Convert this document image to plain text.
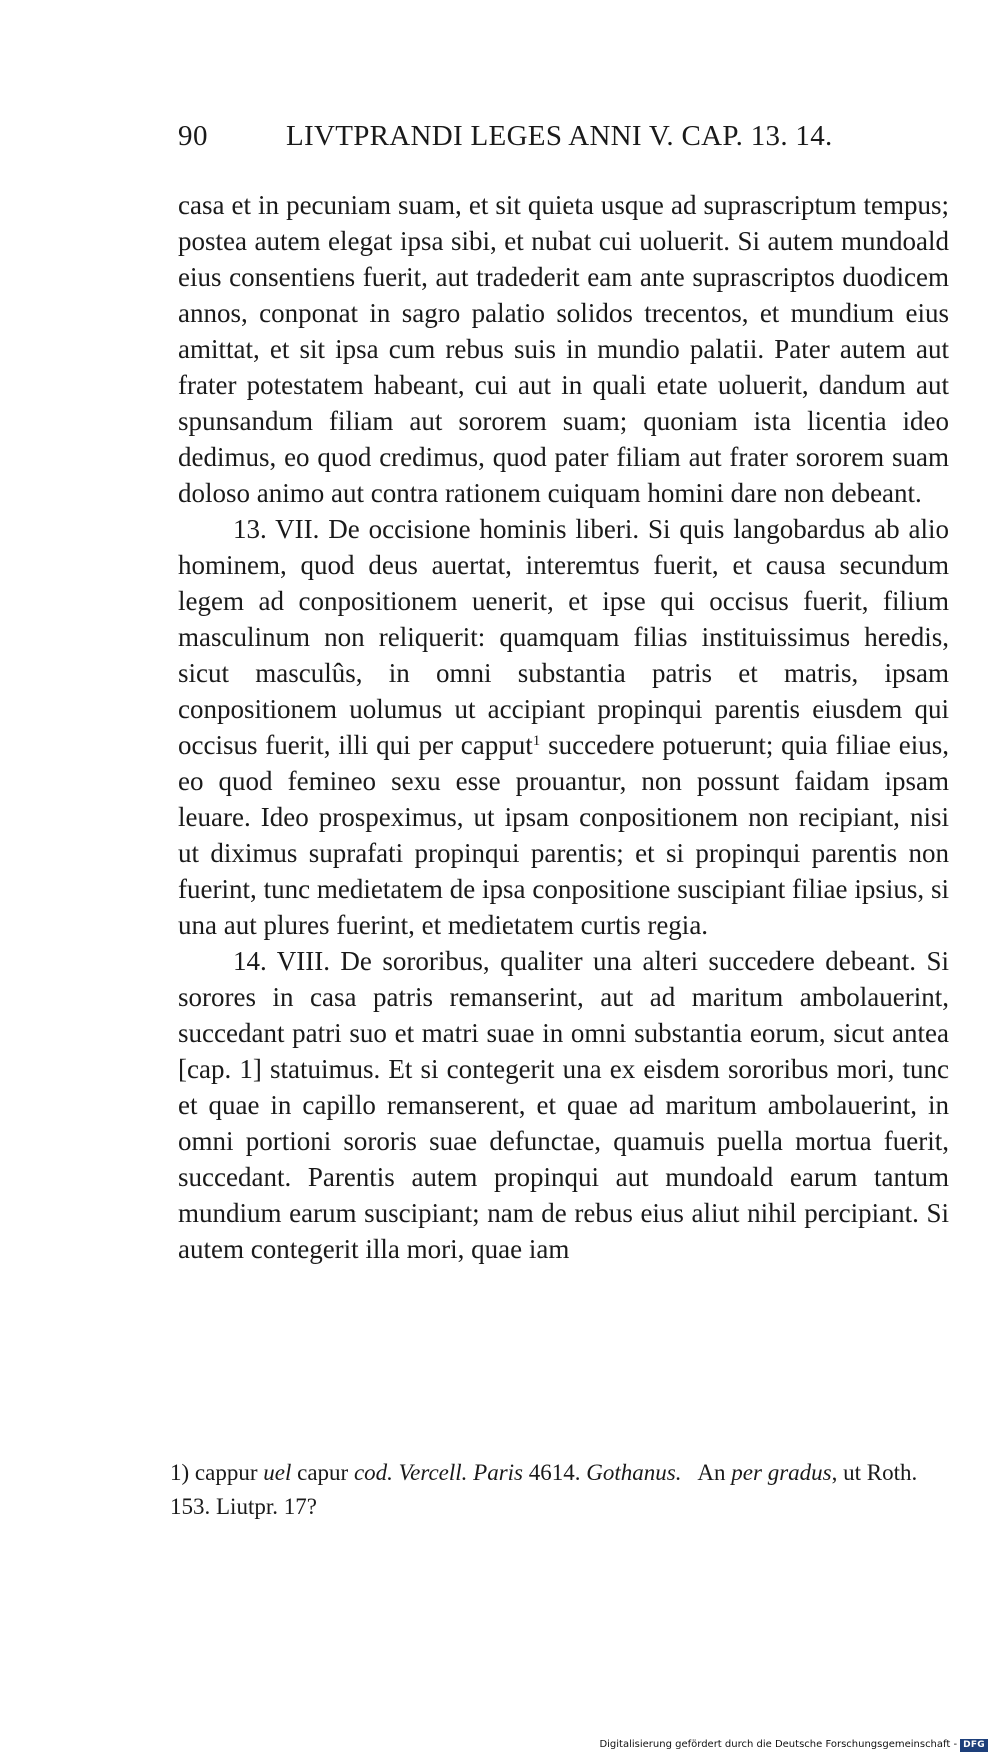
90	LIVTPRANDI LEGES ANNI V. CAP. 13. 14.

casa et in pecuniam suam, et sit quieta usque ad suprascriptum tempus; postea autem elegat ipsa sibi, et nubat cui uoluerit. Si autem mundoald eius consentiens fuerit, aut tradederit eam ante suprascriptos duodicem annos, conponat in sagro palatio solidos trecentos, et mundium eius amittat, et sit ipsa cum rebus suis in mundio palatii. Pater autem aut frater potestatem habeant, cui aut in quali etate uoluerit, dandum aut spunsandum filiam aut sororem suam; quoniam ista licentia ideo dedimus, eo quod credimus, quod pater filiam aut frater sororem suam doloso animo aut contra rationem cuiquam homini dare non debeant.

13. VII. De occisione hominis liberi. Si quis langobardus ab alio hominem, quod deus auertat, interemtus fuerit, et causa secundum legem ad conpositionem uenerit, et ipse qui occisus fuerit, filium masculinum non reliquerit: quamquam filias instituissimus heredis, sicut masculûs, in omni substantia patris et matris, ipsam conpositionem uolumus ut accipiant propinqui parentis eiusdem qui occisus fuerit, illi qui per capput$^1$ succedere potuerunt; quia filiae eius, eo quod femineo sexu esse prouantur, non possunt faidam ipsam leuare. Ideo prospeximus, ut ipsam conpositionem non recipiant, nisi ut diximus suprafati propinqui parentis; et si propinqui parentis non fuerint, tunc medietatem de ipsa conpositione suscipiant filiae ipsius, si una aut plures fuerint, et medietatem curtis regia.

14. VIII. De sororibus, qualiter una alteri succedere debeant. Si sorores in casa patris remanserint, aut ad maritum ambolauerint, succedant patri suo et matri suae in omni substantia eorum, sicut antea [cap. 1] statuimus. Et si contegerit una ex eisdem sororibus mori, tunc et quae in capillo remanserent, et quae ad maritum ambolauerint, in omni portioni sororis suae defunctae, quamuis puella mortua fuerit, succedant. Parentis autem propinqui aut mundoald earum tantum mundium earum suscipiant; nam de rebus eius aliut nihil percipiant. Si autem contegerit illa mori, quae iam

1) cappur uel capur cod. Vercell. Paris 4614. Gothanus.   An per gradus, ut Roth. 153. Liutpr. 17?

Digitalisierung gefördert durch die Deutsche Forschungsgemeinschaft - DFG
